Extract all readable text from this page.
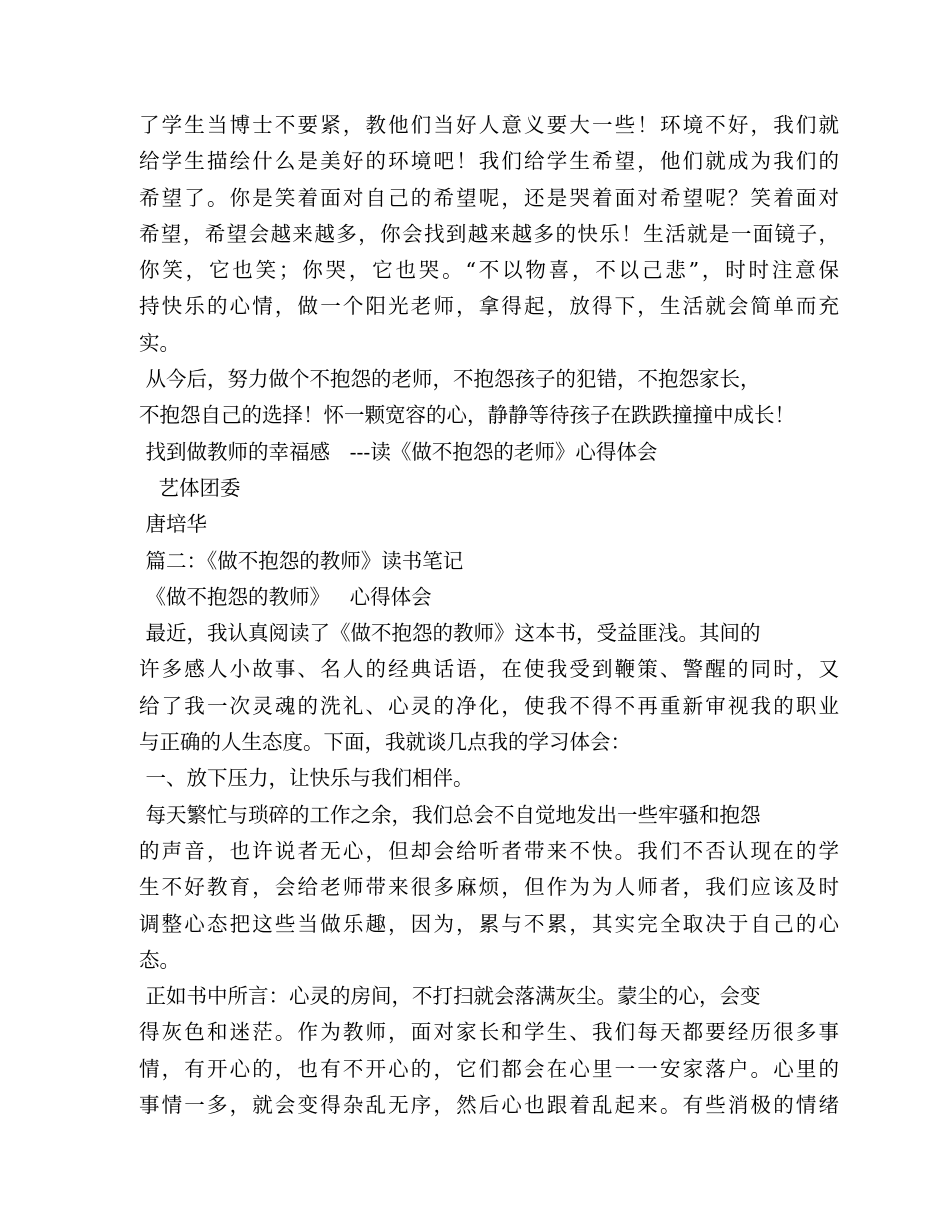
了学生当博士不要紧，教他们当好人意义要大一些！环境不好，我们就
给学生描绘什么是美好的环境吧！我们给学生希望，他们就成为我们的
希望了。你是笑着面对自己的希望呢，还是哭着面对希望呢？笑着面对
希望，希望会越来越多，你会找到越来越多的快乐！生活就是一面镜子，
你笑，它也笑；你哭，它也哭。“不以物喜，不以己悲”，时时注意保
持快乐的心情，做一个阳光老师，拿得起，放得下，生活就会简单而充
实。
从今后，努力做个不抱怨的老师，不抱怨孩子的犯错，不抱怨家长，
不抱怨自己的选择！怀一颗宽容的心，静静等待孩子在跌跌撞撞中成长！
找到做教师的幸福感   ---读《做不抱怨的老师》心得体会
艺体团委
唐培华
篇二：《做不抱怨的教师》读书笔记
《做不抱怨的教师》   心得体会
最近，我认真阅读了《做不抱怨的教师》这本书，受益匪浅。其间的
许多感人小故事、名人的经典话语，在使我受到鞭策、警醒的同时，又
给了我一次灵魂的洗礼、心灵的净化，使我不得不再重新审视我的职业
与正确的人生态度。下面，我就谈几点我的学习体会：
一、放下压力，让快乐与我们相伴。
每天繁忙与琐碎的工作之余，我们总会不自觉地发出一些牢骚和抱怨
的声音，也许说者无心，但却会给听者带来不快。我们不否认现在的学
生不好教育，会给老师带来很多麻烦，但作为为人师者，我们应该及时
调整心态把这些当做乐趣，因为，累与不累，其实完全取决于自己的心
态。
正如书中所言：心灵的房间，不打扫就会落满灰尘。蒙尘的心，会变
得灰色和迷茫。作为教师，面对家长和学生、我们每天都要经历很多事
情，有开心的，也有不开心的，它们都会在心里一一安家落户。心里的
事情一多，就会变得杂乱无序，然后心也跟着乱起来。有些消极的情绪
